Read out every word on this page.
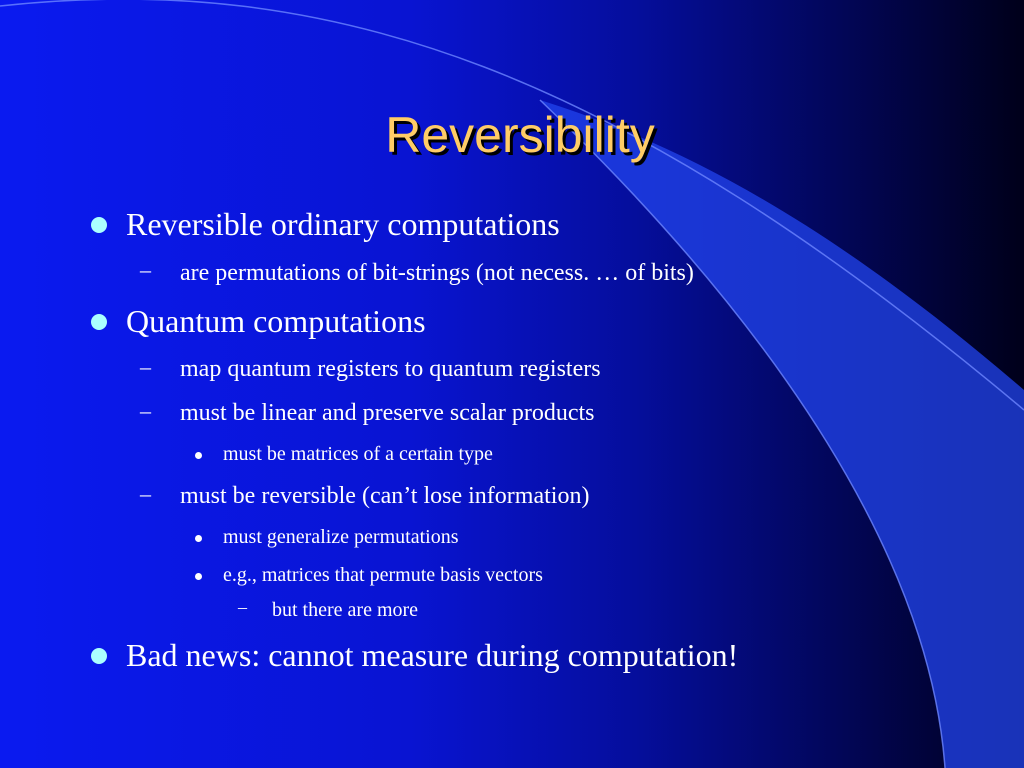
Reversibility
Reversible ordinary computations
– are permutations of bit-strings (not necess. … of bits)
Quantum computations
– map quantum registers to quantum registers
– must be linear and preserve scalar products
must be matrices of a certain type
– must be reversible (can’t lose information)
must generalize permutations
e.g., matrices that permute basis vectors
– but there are more
Bad news: cannot measure during computation!
